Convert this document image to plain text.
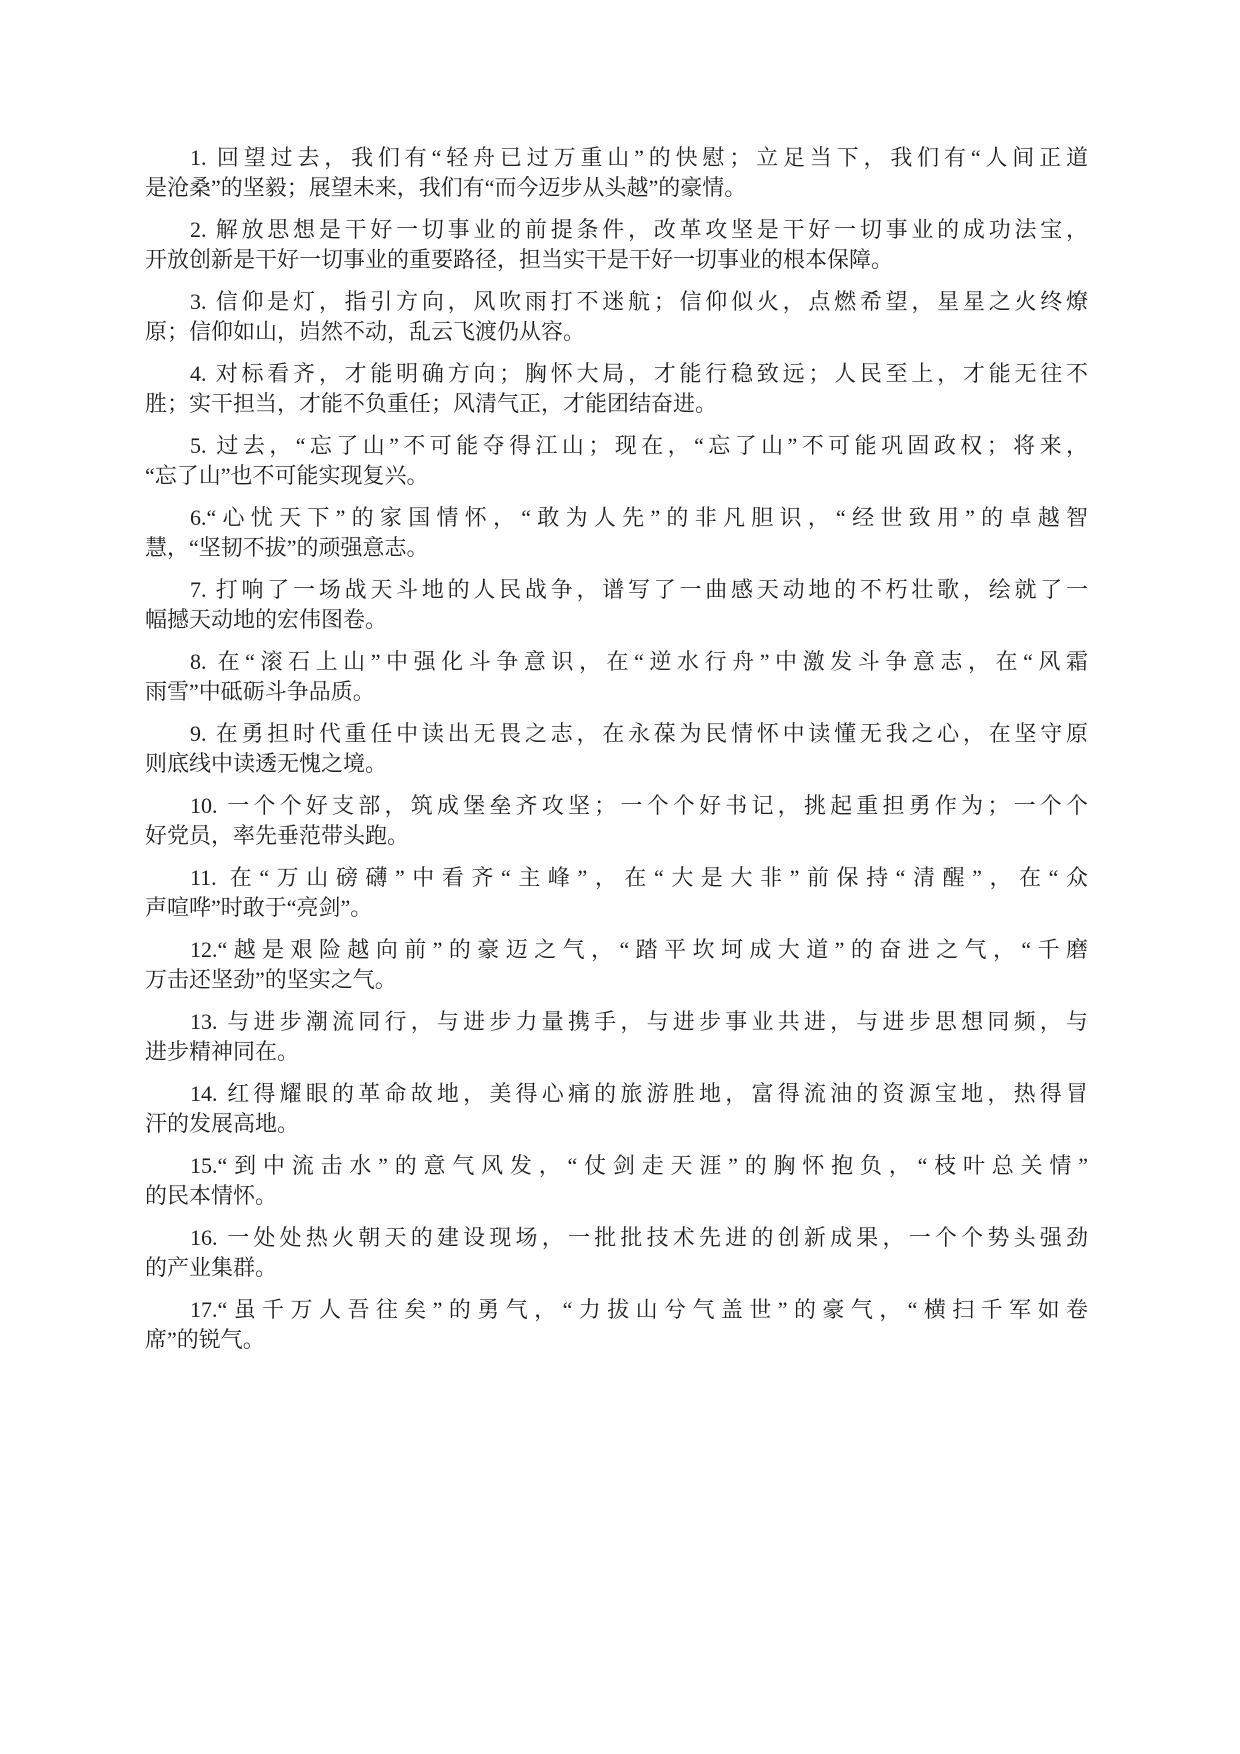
1. 回望过去，我们有“轻舟已过万重山”的快慰；立足当下，我们有“人间正道
是沧桑”的坚毅；展望未来，我们有“而今迈步从头越”的豪情。
2. 解放思想是干好一切事业的前提条件，改革攻坚是干好一切事业的成功法宝，
开放创新是干好一切事业的重要路径，担当实干是干好一切事业的根本保障。
3. 信仰是灯，指引方向，风吹雨打不迷航；信仰似火，点燃希望，星星之火终燎
原；信仰如山，岿然不动，乱云飞渡仍从容。
4. 对标看齐，才能明确方向；胸怀大局，才能行稳致远；人民至上，才能无往不
胜；实干担当，才能不负重任；风清气正，才能团结奋进。
5. 过去，“忘了山”不可能夺得江山；现在，“忘了山”不可能巩固政权；将来，
“忘了山”也不可能实现复兴。
6.“心忧天下”的家国情怀，“敢为人先”的非凡胆识，“经世致用”的卓越智
慧，“坚韧不拔”的顽强意志。
7. 打响了一场战天斗地的人民战争，谱写了一曲感天动地的不朽壮歌，绘就了一
幅撼天动地的宏伟图卷。
8. 在“滚石上山”中强化斗争意识，在“逆水行舟”中激发斗争意志，在“风霜
雨雪”中砥砺斗争品质。
9. 在勇担时代重任中读出无畏之志，在永葆为民情怀中读懂无我之心，在坚守原
则底线中读透无愧之境。
10. 一个个好支部，筑成堡垒齐攻坚；一个个好书记，挑起重担勇作为；一个个
好党员，率先垂范带头跑。
11. 在“万山磅礴”中看齐“主峰”，在“大是大非”前保持“清醒”，在“众
声喧哗”时敢于“亮剑”。
12.“越是艰险越向前”的豪迈之气，“踏平坎坷成大道”的奋进之气，“千磨
万击还坚劲”的坚实之气。
13. 与进步潮流同行，与进步力量携手，与进步事业共进，与进步思想同频，与
进步精神同在。
14. 红得耀眼的革命故地，美得心痛的旅游胜地，富得流油的资源宝地，热得冒
汗的发展高地。
15.“到中流击水”的意气风发，“仗剑走天涯”的胸怀抱负，“枝叶总关情”
的民本情怀。
16. 一处处热火朝天的建设现场，一批批技术先进的创新成果，一个个势头强劲
的产业集群。
17.“虽千万人吾往矣”的勇气，“力拔山兮气盖世”的豪气，“横扫千军如卷
席”的锐气。
